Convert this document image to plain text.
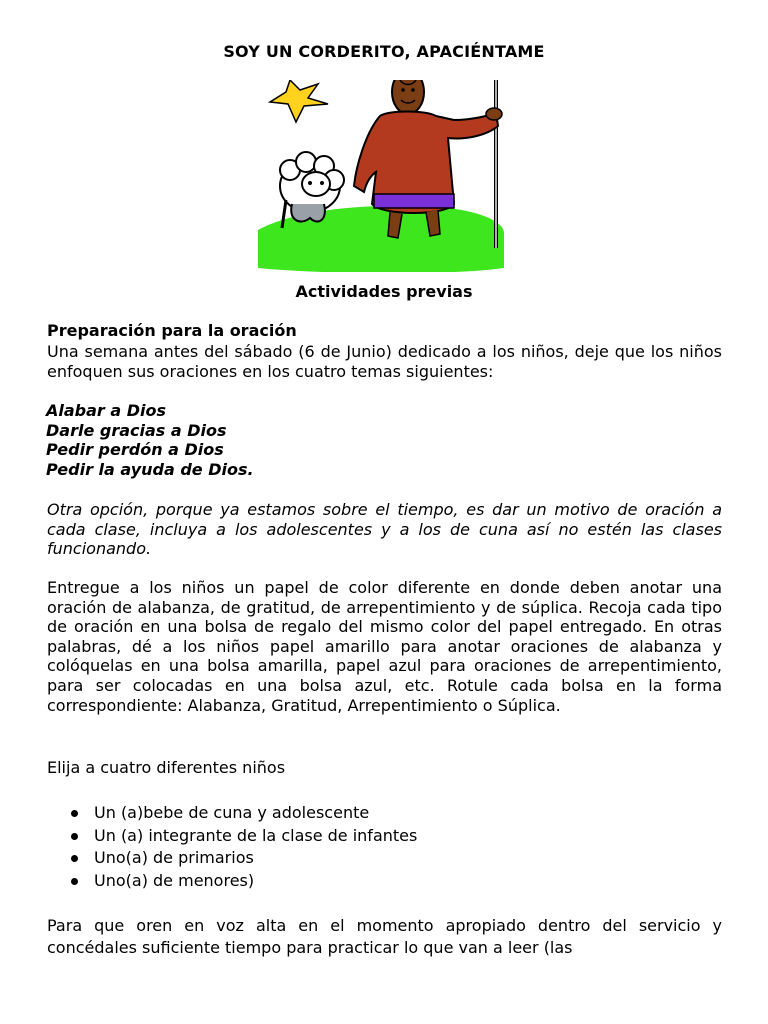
SOY UN CORDERITO, APACIÉNTAME
Actividades previas
Preparación para la oración
Una semana antes del sábado (6 de Junio) dedicado a los niños, deje que los niños enfoquen sus oraciones en los cuatro temas siguientes:
Alabar a Dios
Darle gracias a Dios
Pedir perdón a Dios
Pedir la ayuda de Dios.
Otra opción, porque ya estamos sobre el tiempo, es dar un motivo de oración a cada clase, incluya a los adolescentes y a los de cuna así no estén las clases funcionando.
Entregue a los niños un papel de color diferente en donde deben anotar una oración de alabanza, de gratitud, de arrepentimiento y de súplica. Recoja cada tipo de oración en una bolsa de regalo del mismo color del papel entregado. En otras palabras, dé a los niños papel amarillo para anotar oraciones de alabanza y colóquelas en una bolsa amarilla, papel azul para oraciones de arrepentimiento, para ser colocadas en una bolsa azul, etc. Rotule cada bolsa en la forma correspondiente: Alabanza, Gratitud, Arrepentimiento o Súplica.
Elija a cuatro diferentes niños
Un (a)bebe de cuna y adolescente
Un (a) integrante de la clase de infantes
Uno(a) de primarios
Uno(a) de menores)
Para que oren en voz alta en el momento apropiado dentro del servicio y concédales suficiente tiempo para practicar lo que van a leer (las
